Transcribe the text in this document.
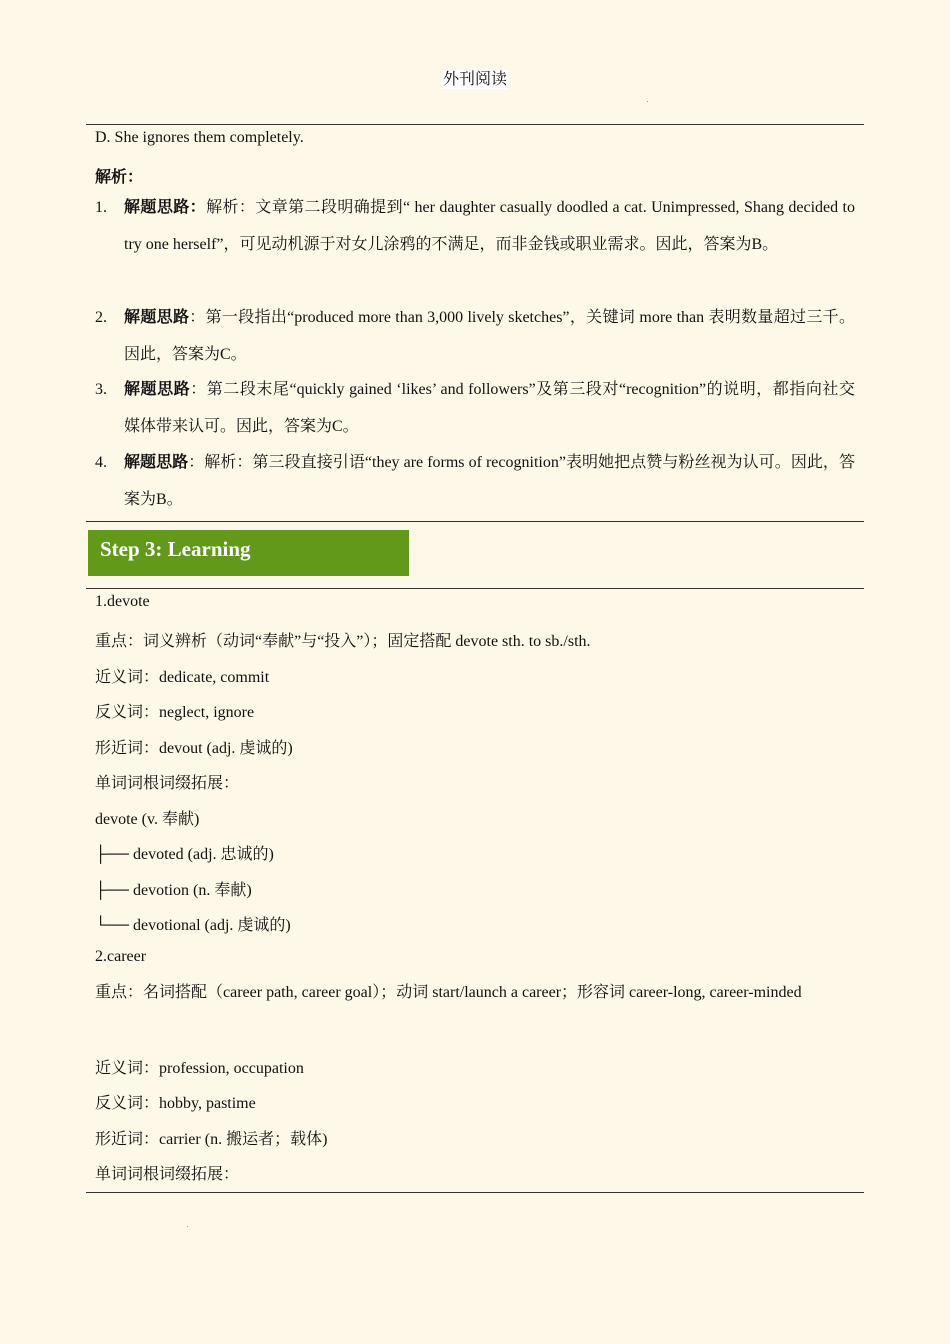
外刊阅读
D. She ignores them completely.
解析：
1. 解题思路：解析：文章第二段明确提到“ her daughter casually doodled a cat. Unimpressed, Shang decided to try one herself”，可见动机源于对女儿涂鸦的不满足，而非金钱或职业需求。因此，答案为B。
2. 解题思路：第一段指出“produced more than 3,000 lively sketches”，关键词 more than 表明数量超过三千。因此，答案为C。
3. 解题思路：第二段末尾“quickly gained ‘likes’ and followers”及第三段对“recognition”的说明，都指向社交媒体带来认可。因此，答案为C。
4. 解题思路：解析：第三段直接引语“they are forms of recognition”表明她把点赞与粉丝视为认可。因此，答案为B。
Step 3: Learning
1.devote
重点：词义辨析（动词“奉献”与“投入”）；固定搭配 devote sth. to sb./sth.
近义词：dedicate, commit
反义词：neglect, ignore
形近词：devout (adj. 虔诚的)
单词词根词缀拓展：
devote (v. 奉献)
├── devoted (adj. 忠诚的)
├── devotion (n. 奉献)
└── devotional (adj. 虔诚的)
2.career
重点：名词搭配（career path, career goal）；动词 start/launch a career；形容词 career-long, career-minded
近义词：profession, occupation
反义词：hobby, pastime
形近词：carrier (n. 搬运者；载体)
单词词根词缀拓展：
